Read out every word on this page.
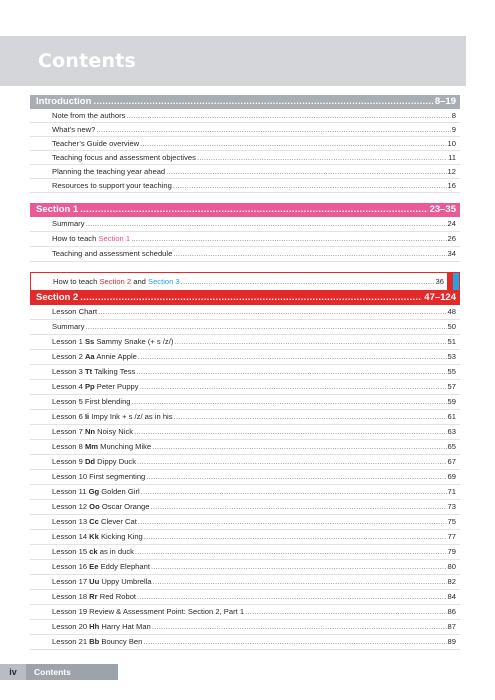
Contents
Introduction .....	8–19
Note from the authors .....	8
What’s new? .....	9
Teacher’s Guide overview .....	10
Teaching focus and assessment objectives .....	11
Planning the teaching year ahead .....	12
Resources to support your teaching .....	16
Section 1 .....	23–35
Summary .....	24
How to teach Section 1 .....	26
Teaching and assessment schedule .....	34
How to teach Section 2 and Section 3 .....	36
Section 2 .....	47–124
Lesson Chart .....	48
Summary .....	50
Lesson 1 Ss Sammy Snake (+ s /z/) .....	51
Lesson 2 Aa Annie Apple .....	53
Lesson 3 Tt Talking Tess .....	55
Lesson 4 Pp Peter Puppy .....	57
Lesson 5 First blending .....	59
Lesson 6 Ii Impy Ink + s /z/ as in his .....	61
Lesson 7 Nn Noisy Nick .....	63
Lesson 8 Mm Munching Mike .....	65
Lesson 9 Dd Dippy Duck .....	67
Lesson 10 First segmenting .....	69
Lesson 11 Gg Golden Girl .....	71
Lesson 12 Oo Oscar Orange .....	73
Lesson 13 Cc Clever Cat .....	75
Lesson 14 Kk Kicking King .....	77
Lesson 15 ck as in duck .....	79
Lesson 16 Ee Eddy Elephant .....	80
Lesson 17 Uu Uppy Umbrella .....	82
Lesson 18 Rr Red Robot .....	84
Lesson 19 Review & Assessment Point: Section 2, Part 1 .....	86
Lesson 20 Hh Harry Hat Man .....	87
Lesson 21 Bb Bouncy Ben .....	89
iv	Contents
